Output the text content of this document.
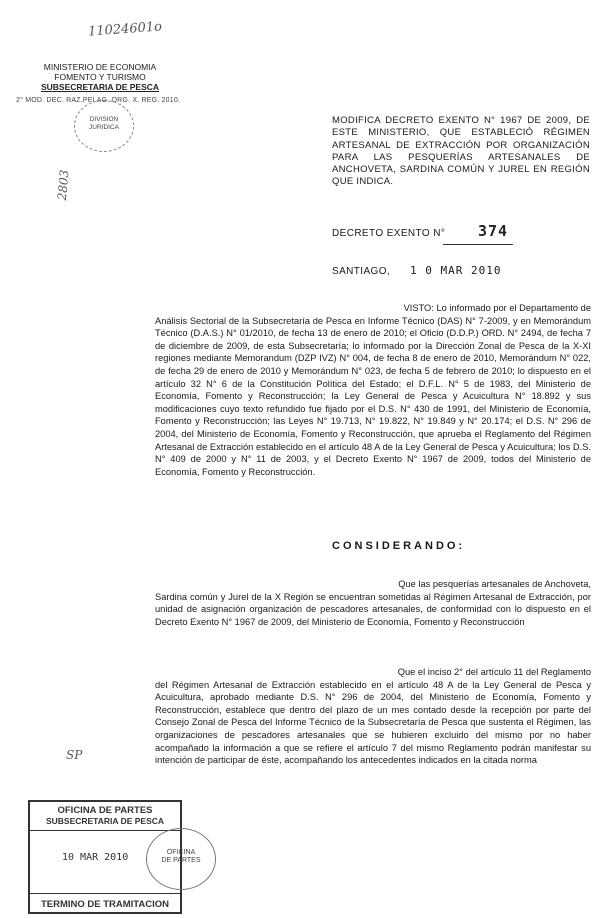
11024601o
2803
SP
MINISTERIO DE ECONOMIA
FOMENTO Y TURISMO
SUBSECRETARIA DE PESCA
2° MOD. DEC. RAZ.PELAG. ORG. X. REG. 2010.
DIVISION
JURIDICA
MODIFICA DECRETO EXENTO N° 1967 DE 2009, DE ESTE MINISTERIO, QUE ESTABLECIÓ RÉGIMEN ARTESANAL DE EXTRACCIÓN POR ORGANIZACIÓN PARA LAS PESQUERÍAS ARTESANALES DE ANCHOVETA, SARDINA COMÚN Y JUREL EN REGIÓN QUE INDICA.
DECRETO EXENTO N° 374
SANTIAGO, 1 0 MAR 2010
VISTO: Lo informado por el Departamento de
Análisis Sectorial de la Subsecretaría de Pesca en Informe Técnico (DAS) N° 7-2009, y en Memorándum Técnico (D.A.S.) N° 01/2010, de fecha 13 de enero de 2010; el Oficio (D.D.P.) ORD. N° 2494, de fecha 7 de diciembre de 2009, de esta Subsecretaría; lo informado por la Dirección Zonal de Pesca de la X-XI regiones mediante Memorandum (DZP IVZ) N° 004, de fecha 8 de enero de 2010, Memorándum N° 022, de fecha 29 de enero de 2010 y Memorándum N° 023, de fecha 5 de febrero de 2010; lo dispuesto en el artículo 32 N° 6 de la Constitución Política del Estado; el D.F.L. N° 5 de 1983, del Ministerio de Economía, Fomento y Reconstrucción; la Ley General de Pesca y Acuicultura N° 18.892 y sus modificaciones cuyo texto refundido fue fijado por el D.S. N° 430 de 1991, del Ministerio de Economía, Fomento y Reconstrucción; las Leyes N° 19.713, N° 19.822, N° 19.849 y N° 20.174; el D.S. N° 296 de 2004, del Ministerio de Economía, Fomento y Reconstrucción, que aprueba el Reglamento del Régimen Artesanal de Extracción establecido en el artículo 48 A de la Ley General de Pesca y Acuicultura; los D.S. N° 409 de 2000 y N° 11 de 2003, y el Decreto Exento N° 1967 de 2009, todos del Ministerio de Economía, Fomento y Reconstrucción.
CONSIDERANDO:
Que las pesquerías artesanales de Anchoveta,
Sardina común y Jurel de la X Región se encuentran sometidas al Régimen Artesanal de Extracción, por unidad de asignación organización de pescadores artesanales, de conformidad con lo dispuesto en el Decreto Exento N° 1967 de 2009, del Ministerio de Economía, Fomento y Reconstrucción
Que el inciso 2° del artículo 11 del Reglamento
del Régimen Artesanal de Extracción establecido en el artículo 48 A de la Ley General de Pesca y Acuicultura, aprobado mediante D.S. N° 296 de 2004, del Ministerio de Economía, Fomento y Reconstrucción, establece que dentro del plazo de un mes contado desde la recepción por parte del Consejo Zonal de Pesca del Informe Técnico de la Subsecretaría de Pesca que sustenta el Régimen, las organizaciones de pescadores artesanales que se hubieren excluido del mismo por no haber acompañado la información a que se refiere el artículo 7 del mismo Reglamento podrán manifestar su intención de participar de éste, acompañando los antecedentes indicados en la citada norma
OFICINA DE PARTES
SUBSECRETARIA DE PESCA
10 MAR 2010
TERMINO DE TRAMITACION
OFICINA
DE PARTES
